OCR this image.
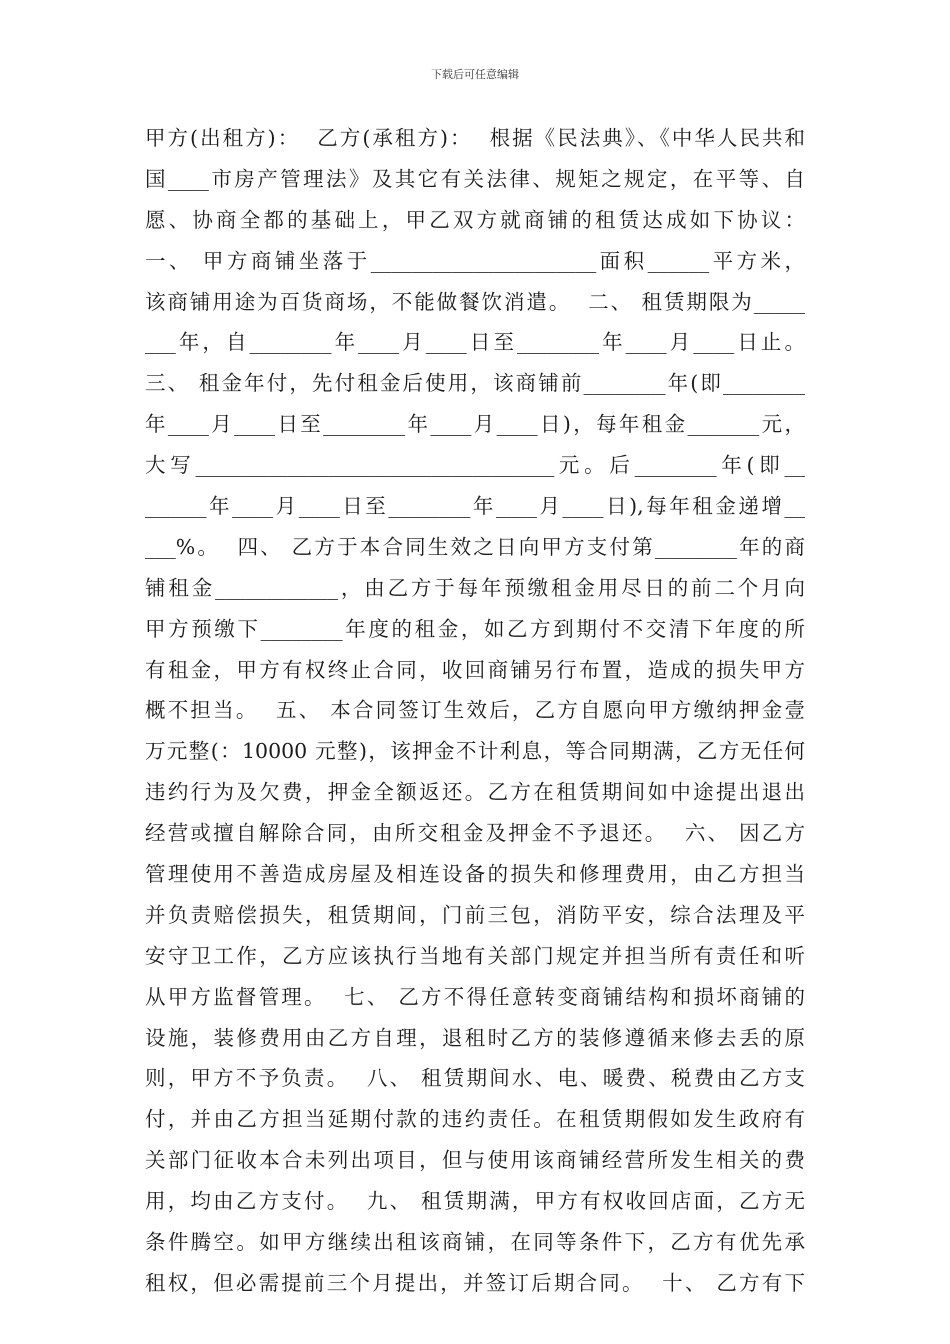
下载后可任意编辑
甲方(出租方)：  乙方(承租方)：  根据《民法典》、《中华人民共和
国____市房产管理法》及其它有关法律、规矩之规定，在平等、自
愿、协商全都的基础上，甲乙双方就商铺的租赁达成如下协议：
一、 甲方商铺坐落于______________________面积______平方米，
该商铺用途为百货商场，不能做餐饮消遣。  二、 租赁期限为_____
___年，自________年____月____日至________年____月____日止。
三、 租金年付，先付租金后使用，该商铺前________年(即________
年____月____日至________年____月____日)，每年租金_______元，
大写___________________________________元。后________年(即__
______年____月____日至________年____月____日),每年租金递增__
___%。  四、 乙方于本合同生效之日向甲方支付第________年的商
铺租金____________，由乙方于每年预缴租金用尽日的前二个月向
甲方预缴下________年度的租金，如乙方到期付不交清下年度的所
有租金，甲方有权终止合同，收回商铺另行布置，造成的损失甲方
概不担当。  五、 本合同签订生效后，乙方自愿向甲方缴纳押金壹
万元整(：10000 元整)，该押金不计利息，等合同期满，乙方无任何
违约行为及欠费，押金全额返还。乙方在租赁期间如中途提出退出
经营或擅自解除合同，由所交租金及押金不予退还。  六、 因乙方
管理使用不善造成房屋及相连设备的损失和修理费用，由乙方担当
并负责赔偿损失，租赁期间，门前三包，消防平安，综合法理及平
安守卫工作，乙方应该执行当地有关部门规定并担当所有责任和听
从甲方监督管理。  七、 乙方不得任意转变商铺结构和损坏商铺的
设施，装修费用由乙方自理，退租时乙方的装修遵循来修去丢的原
则，甲方不予负责。  八、 租赁期间水、电、暖费、税费由乙方支
付，并由乙方担当延期付款的违约责任。在租赁期假如发生政府有
关部门征收本合未列出项目，但与使用该商铺经营所发生相关的费
用，均由乙方支付。  九、 租赁期满，甲方有权收回店面，乙方无
条件腾空。如甲方继续出租该商铺，在同等条件下，乙方有优先承
租权，但必需提前三个月提出，并签订后期合同。  十、 乙方有下
